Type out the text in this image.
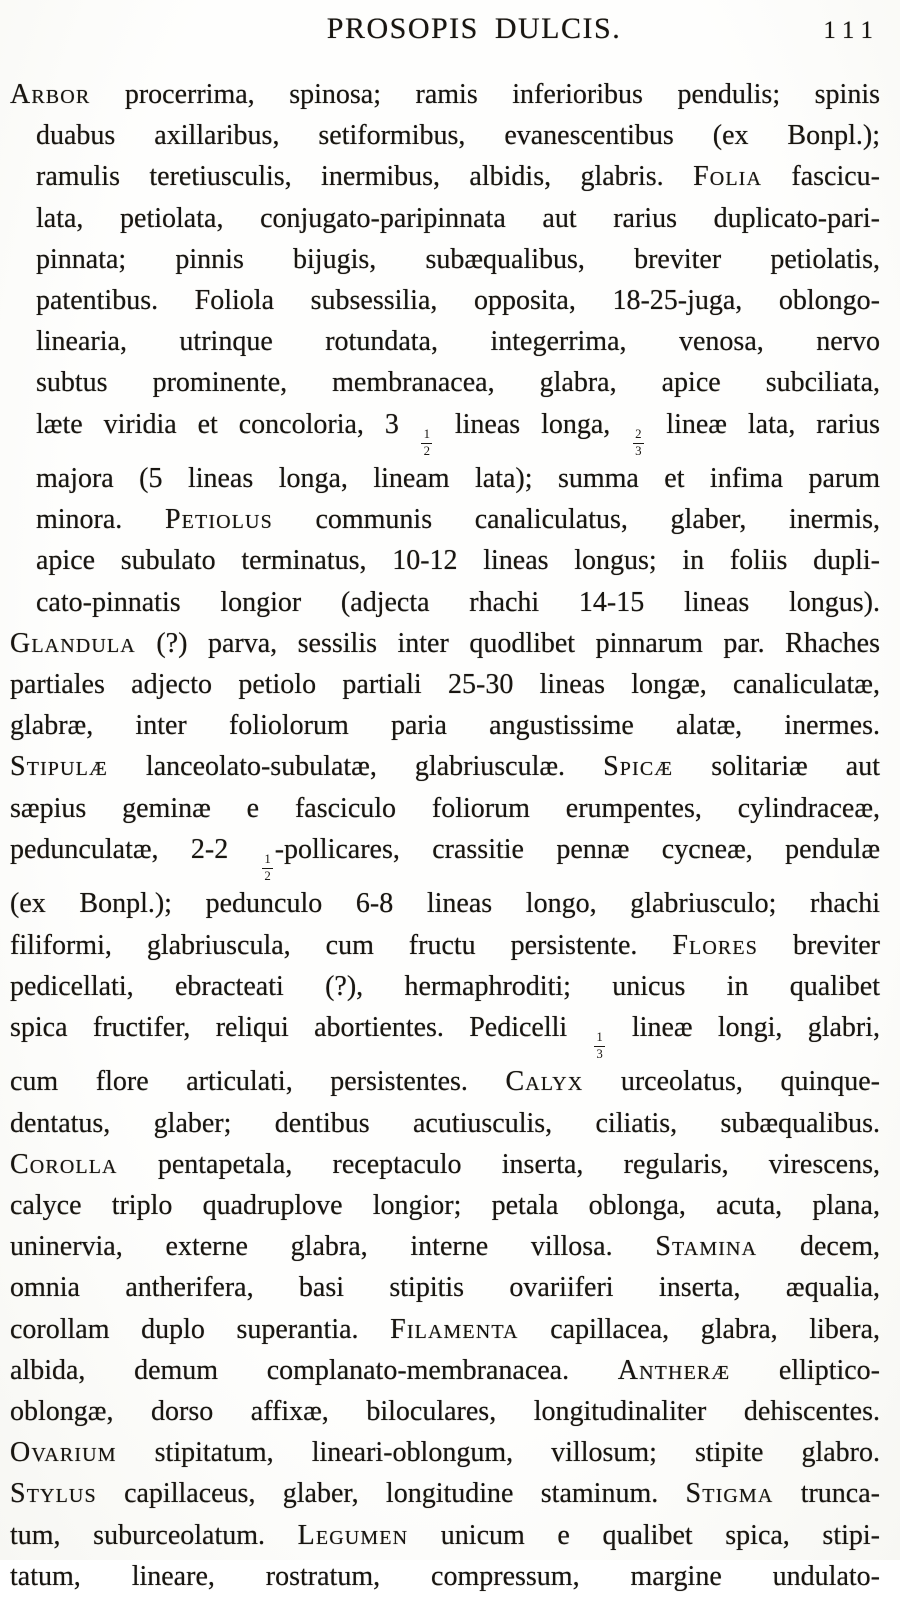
PROSOPIS DULCIS.	111
Arbor procerrima, spinosa; ramis inferioribus pendulis; spinis
duabus axillaribus, setiformibus, evanescentibus (ex Bonpl.);
ramulis teretiusculis, inermibus, albidis, glabris. Folia fascicu-
lata, petiolata, conjugato-paripinnata aut rarius duplicato-pari-
pinnata; pinnis bijugis, subæqualibus, breviter petiolatis,
patentibus. Foliola subsessilia, opposita, 18-25-juga, oblongo-
linearia, utrinque rotundata, integerrima, venosa, nervo
subtus prominente, membranacea, glabra, apice subciliata,
læte viridia et concoloria, 3
$\frac{1}{2}$
lineas longa,
$\frac{2}{3}$
lineæ lata, rarius
majora (5 lineas longa, lineam lata); summa et infima parum
minora. Petiolus communis canaliculatus, glaber, inermis,
apice subulato terminatus, 10-12 lineas longus; in foliis dupli-
cato-pinnatis longior (adjecta rhachi 14-15 lineas longus).
Glandula (?) parva, sessilis inter quodlibet pinnarum par. Rhaches
partiales adjecto petiolo partiali 25-30 lineas longæ, canaliculatæ,
glabræ, inter foliolorum paria angustissime alatæ, inermes.
Stipulæ lanceolato-subulatæ, glabriusculæ. Spicæ solitariæ aut
sæpius geminæ e fasciculo foliorum erumpentes, cylindraceæ,
pedunculatæ, 2-2
$\frac{1}{2}$
-pollicares, crassitie pennæ cycneæ, pendulæ
(ex Bonpl.); pedunculo 6-8 lineas longo, glabriusculo; rhachi
filiformi, glabriuscula, cum fructu persistente. Flores breviter
pedicellati, ebracteati (?), hermaphroditi; unicus in qualibet
spica fructifer, reliqui abortientes. Pedicelli
$\frac{1}{3}$
lineæ longi, glabri,
cum flore articulati, persistentes. Calyx urceolatus, quinque-
dentatus, glaber; dentibus acutiusculis, ciliatis, subæqualibus.
Corolla pentapetala, receptaculo inserta, regularis, virescens,
calyce triplo quadruplove longior; petala oblonga, acuta, plana,
uninervia, externe glabra, interne villosa. Stamina decem,
omnia antherifera, basi stipitis ovariiferi inserta, æqualia,
corollam duplo superantia. Filamenta capillacea, glabra, libera,
albida, demum complanato-membranacea. Antheræ elliptico-
oblongæ, dorso affixæ, biloculares, longitudinaliter dehiscentes.
Ovarium stipitatum, lineari-oblongum, villosum; stipite glabro.
Stylus capillaceus, glaber, longitudine staminum. Stigma trunca-
tum, suburceolatum. Legumen unicum e qualibet spica, stipi-
tatum, lineare, rostratum, compressum, margine undulato-
